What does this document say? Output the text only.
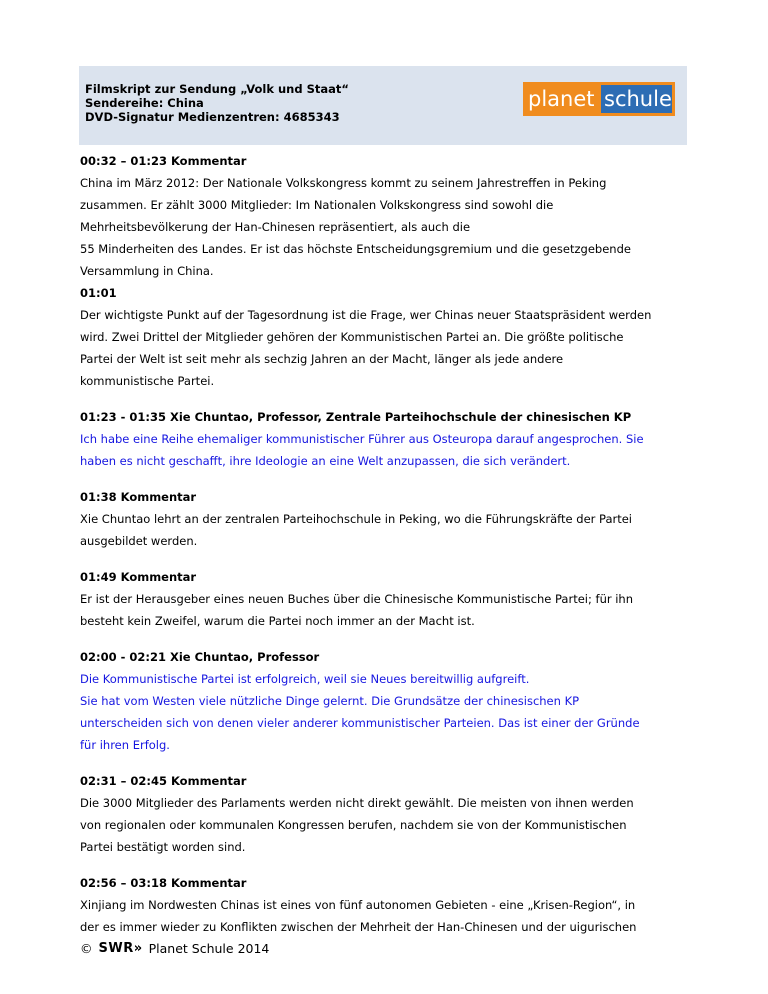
Filmskript zur Sendung „Volk und Staat“
Sendereihe: China
DVD-Signatur Medienzentren: 4685343
planet schule

00:32 – 01:23 Kommentar

China im März 2012: Der Nationale Volkskongress kommt zu seinem Jahrestreffen in Peking

zusammen. Er zählt 3000 Mitglieder: Im Nationalen Volkskongress sind sowohl die

Mehrheitsbevölkerung der Han-Chinesen repräsentiert, als auch die

55 Minderheiten des Landes. Er ist das höchste Entscheidungsgremium und die gesetzgebende

Versammlung in China.

01:01

Der wichtigste Punkt auf der Tagesordnung ist die Frage, wer Chinas neuer Staatspräsident werden

wird. Zwei Drittel der Mitglieder gehören der Kommunistischen Partei an. Die größte politische

Partei der Welt ist seit mehr als sechzig Jahren an der Macht, länger als jede andere

kommunistische Partei.

01:23 - 01:35 Xie Chuntao, Professor, Zentrale Parteihochschule der chinesischen KP

Ich habe eine Reihe ehemaliger kommunistischer Führer aus Osteuropa darauf angesprochen. Sie

haben es nicht geschafft, ihre Ideologie an eine Welt anzupassen, die sich verändert.

01:38 Kommentar

Xie Chuntao lehrt an der zentralen Parteihochschule in Peking, wo die Führungskräfte der Partei

ausgebildet werden.

01:49 Kommentar

Er ist der Herausgeber eines neuen Buches über die Chinesische Kommunistische Partei; für ihn

besteht kein Zweifel, warum die Partei noch immer an der Macht ist.

02:00 - 02:21 Xie Chuntao, Professor

Die Kommunistische Partei ist erfolgreich, weil sie Neues bereitwillig aufgreift.

Sie hat vom Westen viele nützliche Dinge gelernt. Die Grundsätze der chinesischen KP

unterscheiden sich von denen vieler anderer kommunistischer Parteien. Das ist einer der Gründe

für ihren Erfolg.

02:31 – 02:45 Kommentar

Die 3000 Mitglieder des Parlaments werden nicht direkt gewählt. Die meisten von ihnen werden

von regionalen oder kommunalen Kongressen berufen, nachdem sie von der Kommunistischen

Partei bestätigt worden sind.

02:56 – 03:18 Kommentar

Xinjiang im Nordwesten Chinas ist eines von fünf autonomen Gebieten - eine „Krisen-Region“, in

der es immer wieder zu Konflikten zwischen der Mehrheit der Han-Chinesen und der uigurischen

© SWR» Planet Schule 2014
